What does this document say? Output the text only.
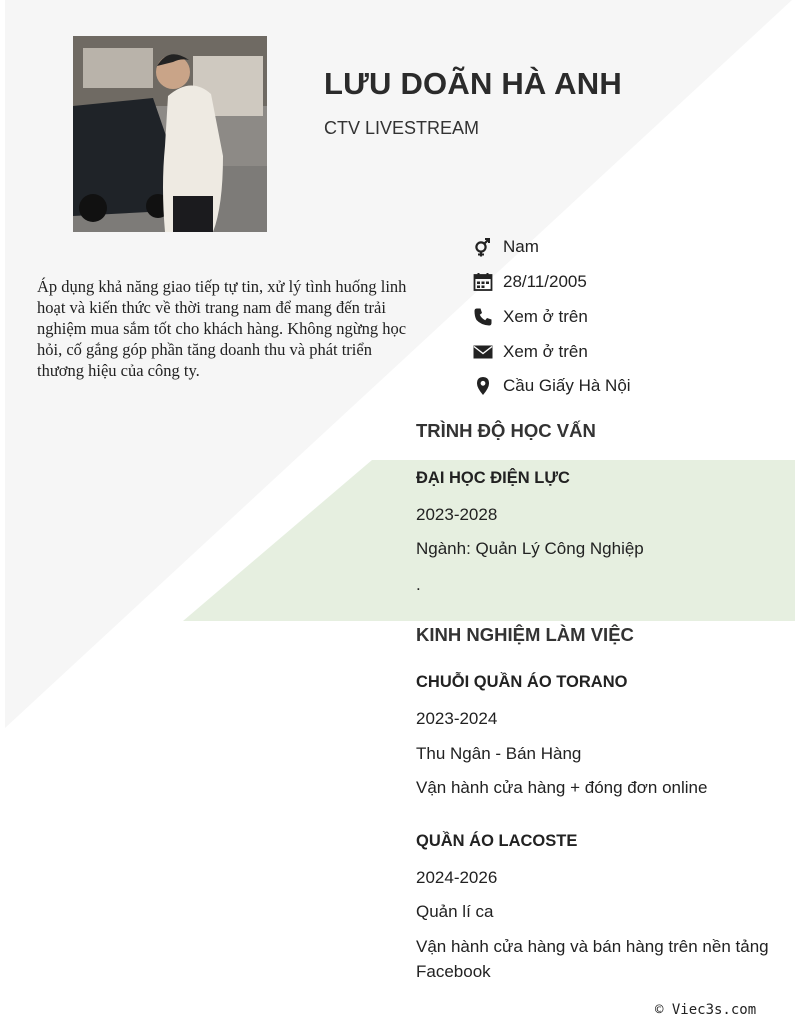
LƯU DOÃN HÀ ANH
CTV LIVESTREAM
Áp dụng khả năng giao tiếp tự tin, xử lý tình huống linh hoạt và kiến thức về thời trang nam để mang đến trải nghiệm mua sắm tốt cho khách hàng. Không ngừng học hỏi, cố gắng góp phần tăng doanh thu và phát triển thương hiệu của công ty.
Nam
28/11/2005
Xem ở trên
Xem ở trên
Cầu Giấy Hà Nội
TRÌNH ĐỘ HỌC VẤN
ĐẠI HỌC ĐIỆN LỰC
2023-2028
Ngành: Quản Lý Công Nghiệp
.
KINH NGHIỆM LÀM VIỆC
CHUỖI QUẦN ÁO TORANO
2023-2024
Thu Ngân - Bán Hàng
Vận hành cửa hàng + đóng đơn online
QUẦN ÁO LACOSTE
2024-2026
Quản lí ca
Vận hành cửa hàng và bán hàng trên nền tảng Facebook
© Viec3s.com
